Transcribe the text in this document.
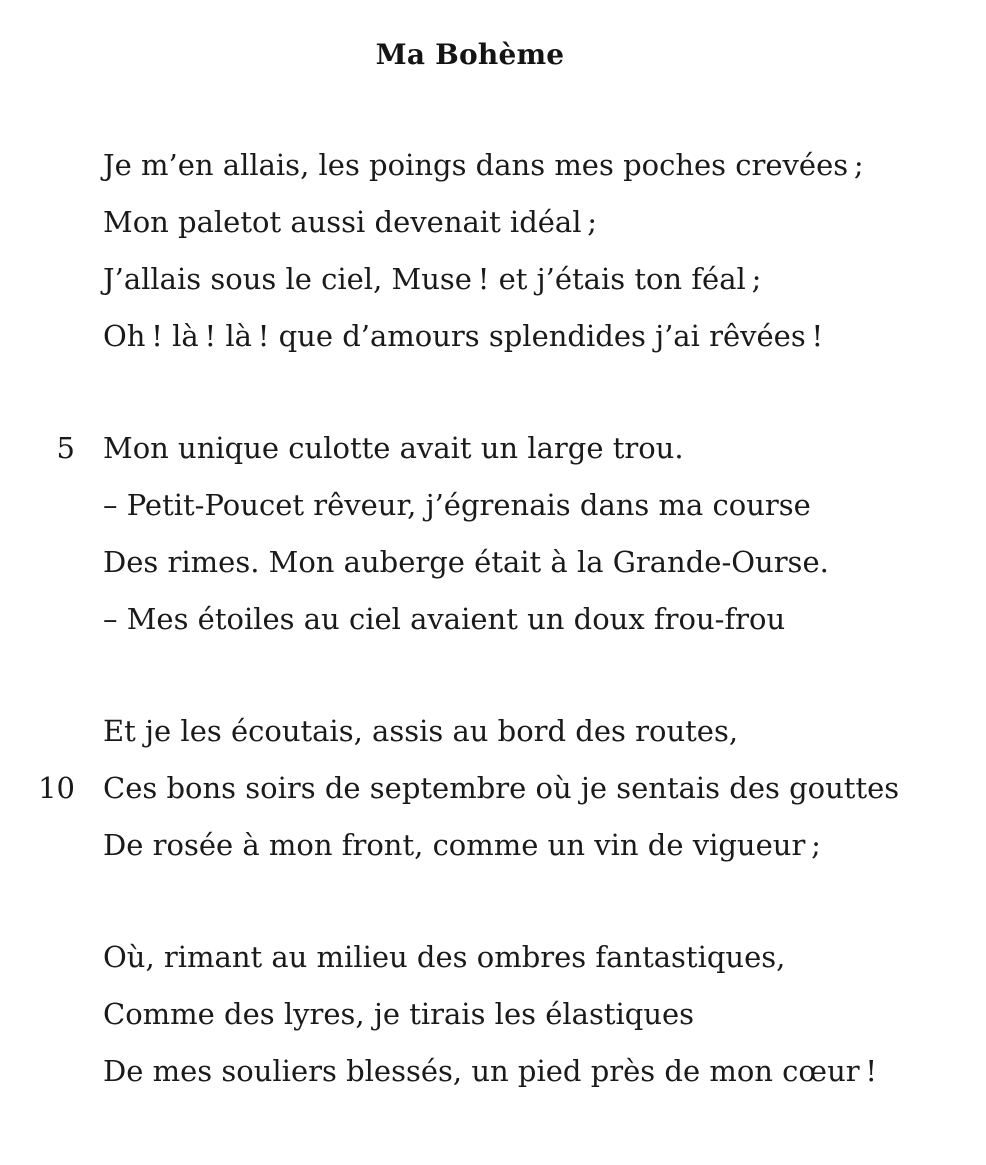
Ma Bohème
Je m’en allais, les poings dans mes poches crevées ;
Mon paletot aussi devenait idéal ;
J’allais sous le ciel, Muse ! et j’étais ton féal ;
Oh ! là ! là ! que d’amours splendides j’ai rêvées !
5 Mon unique culotte avait un large trou.
– Petit-Poucet rêveur, j’égrenais dans ma course
Des rimes. Mon auberge était à la Grande-Ourse.
– Mes étoiles au ciel avaient un doux frou-frou
Et je les écoutais, assis au bord des routes,
10 Ces bons soirs de septembre où je sentais des gouttes
De rosée à mon front, comme un vin de vigueur ;
Où, rimant au milieu des ombres fantastiques,
Comme des lyres, je tirais les élastiques
De mes souliers blessés, un pied près de mon cœur !
